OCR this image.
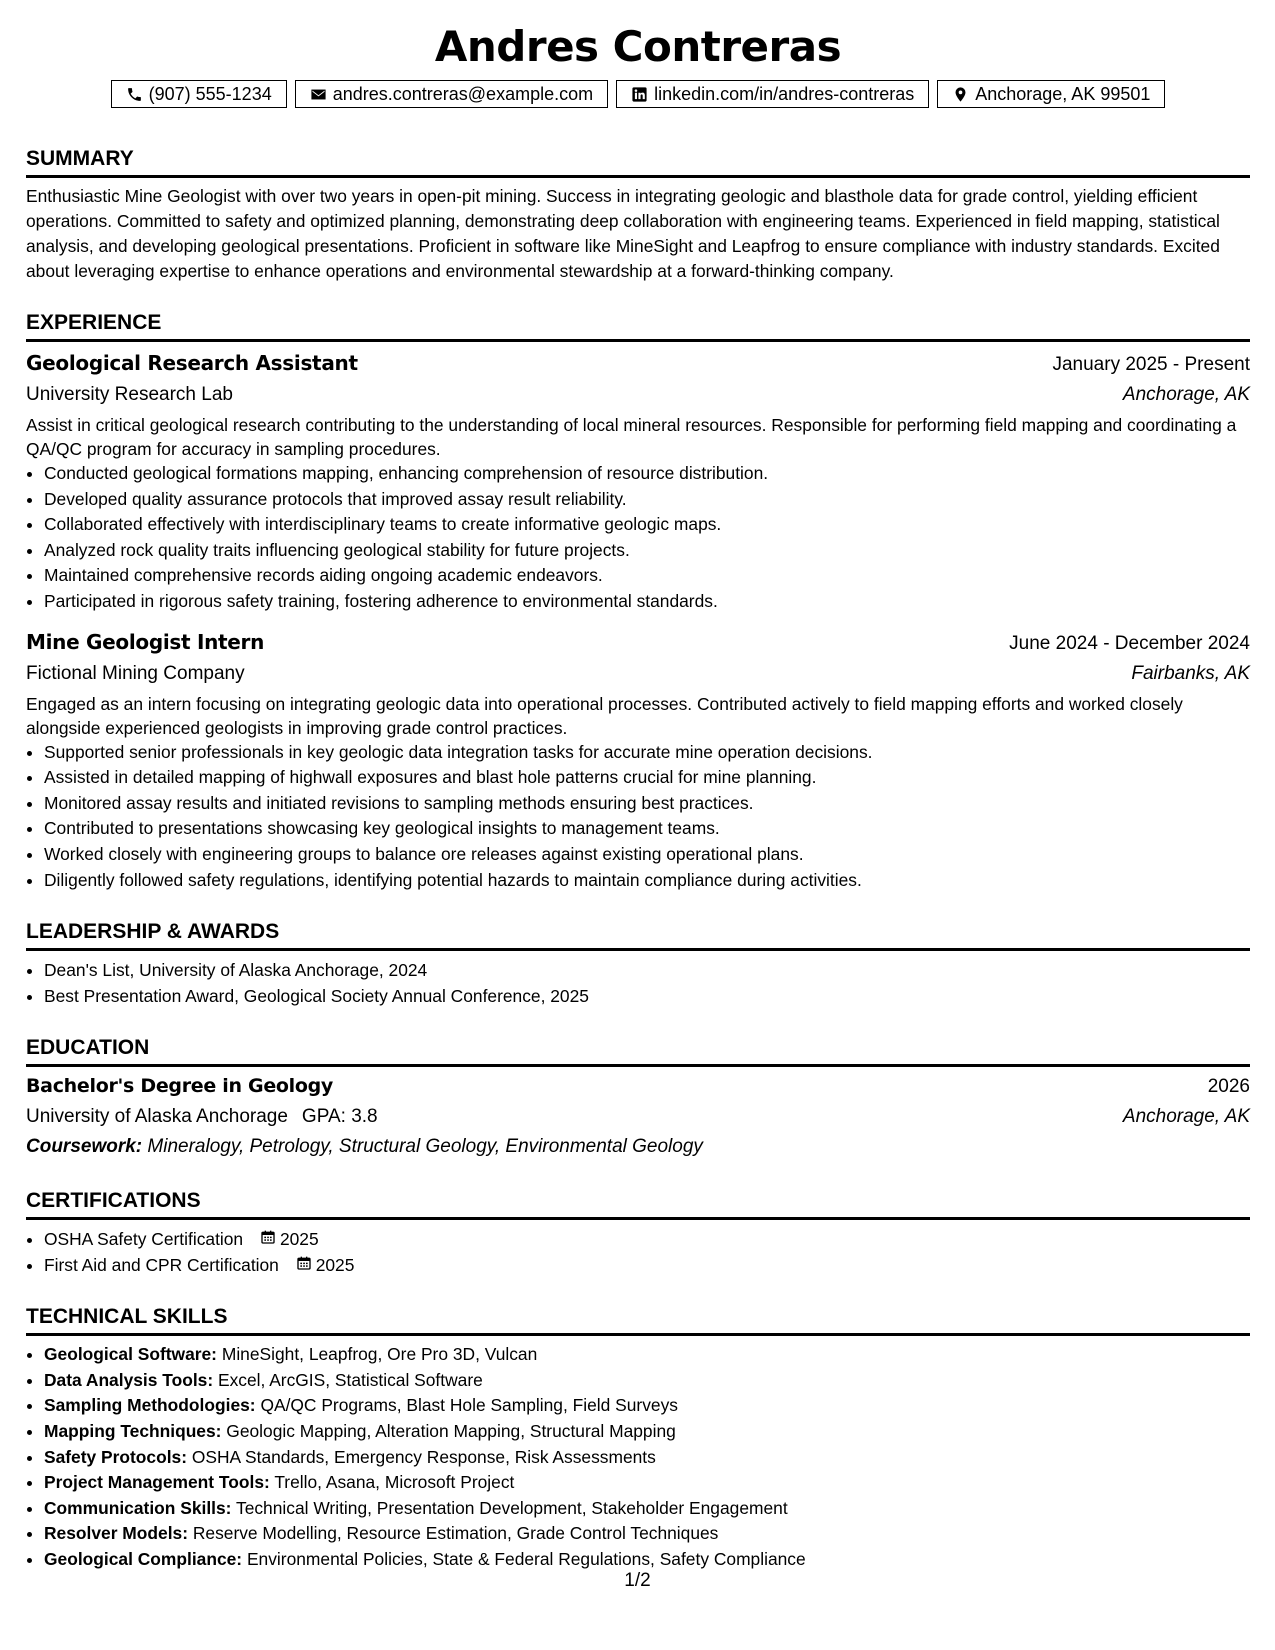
Andres Contreras
(907) 555-1234	andres.contreras@example.com	linkedin.com/in/andres-contreras	Anchorage, AK 99501
SUMMARY

Enthusiastic Mine Geologist with over two years in open-pit mining. Success in integrating geologic and blasthole data for grade control, yielding efficient operations. Committed to safety and optimized planning, demonstrating deep collaboration with engineering teams. Experienced in field mapping, statistical analysis, and developing geological presentations. Proficient in software like MineSight and Leapfrog to ensure compliance with industry standards. Excited about leveraging expertise to enhance operations and environmental stewardship at a forward-thinking company.

EXPERIENCE
Geological Research Assistant	January 2025 - Present
University Research Lab	Anchorage, AK

Assist in critical geological research contributing to the understanding of local mineral resources. Responsible for performing field mapping and coordinating a QA/QC program for accuracy in sampling procedures.

• Conducted geological formations mapping, enhancing comprehension of resource distribution.
• Developed quality assurance protocols that improved assay result reliability.
• Collaborated effectively with interdisciplinary teams to create informative geologic maps.
• Analyzed rock quality traits influencing geological stability for future projects.
• Maintained comprehensive records aiding ongoing academic endeavors.
• Participated in rigorous safety training, fostering adherence to environmental standards.
Mine Geologist Intern	June 2024 - December 2024
Fictional Mining Company	Fairbanks, AK

Engaged as an intern focusing on integrating geologic data into operational processes. Contributed actively to field mapping efforts and worked closely alongside experienced geologists in improving grade control practices.

• Supported senior professionals in key geologic data integration tasks for accurate mine operation decisions.
• Assisted in detailed mapping of highwall exposures and blast hole patterns crucial for mine planning.
• Monitored assay results and initiated revisions to sampling methods ensuring best practices.
• Contributed to presentations showcasing key geological insights to management teams.
• Worked closely with engineering groups to balance ore releases against existing operational plans.
• Diligently followed safety regulations, identifying potential hazards to maintain compliance during activities.
LEADERSHIP & AWARDS
• Dean's List, University of Alaska Anchorage, 2024
• Best Presentation Award, Geological Society Annual Conference, 2025
EDUCATION
Bachelor's Degree in Geology	2026
University of Alaska Anchorage GPA: 3.8	Anchorage, AK
Coursework: Mineralogy, Petrology, Structural Geology, Environmental Geology
CERTIFICATIONS
• OSHA Safety Certification 2025
• First Aid and CPR Certification 2025
TECHNICAL SKILLS
• Geological Software: MineSight, Leapfrog, Ore Pro 3D, Vulcan
• Data Analysis Tools: Excel, ArcGIS, Statistical Software
• Sampling Methodologies: QA/QC Programs, Blast Hole Sampling, Field Surveys
• Mapping Techniques: Geologic Mapping, Alteration Mapping, Structural Mapping
• Safety Protocols: OSHA Standards, Emergency Response, Risk Assessments
• Project Management Tools: Trello, Asana, Microsoft Project
• Communication Skills: Technical Writing, Presentation Development, Stakeholder Engagement
• Resolver Models: Reserve Modelling, Resource Estimation, Grade Control Techniques
• Geological Compliance: Environmental Policies, State & Federal Regulations, Safety Compliance
1/2
